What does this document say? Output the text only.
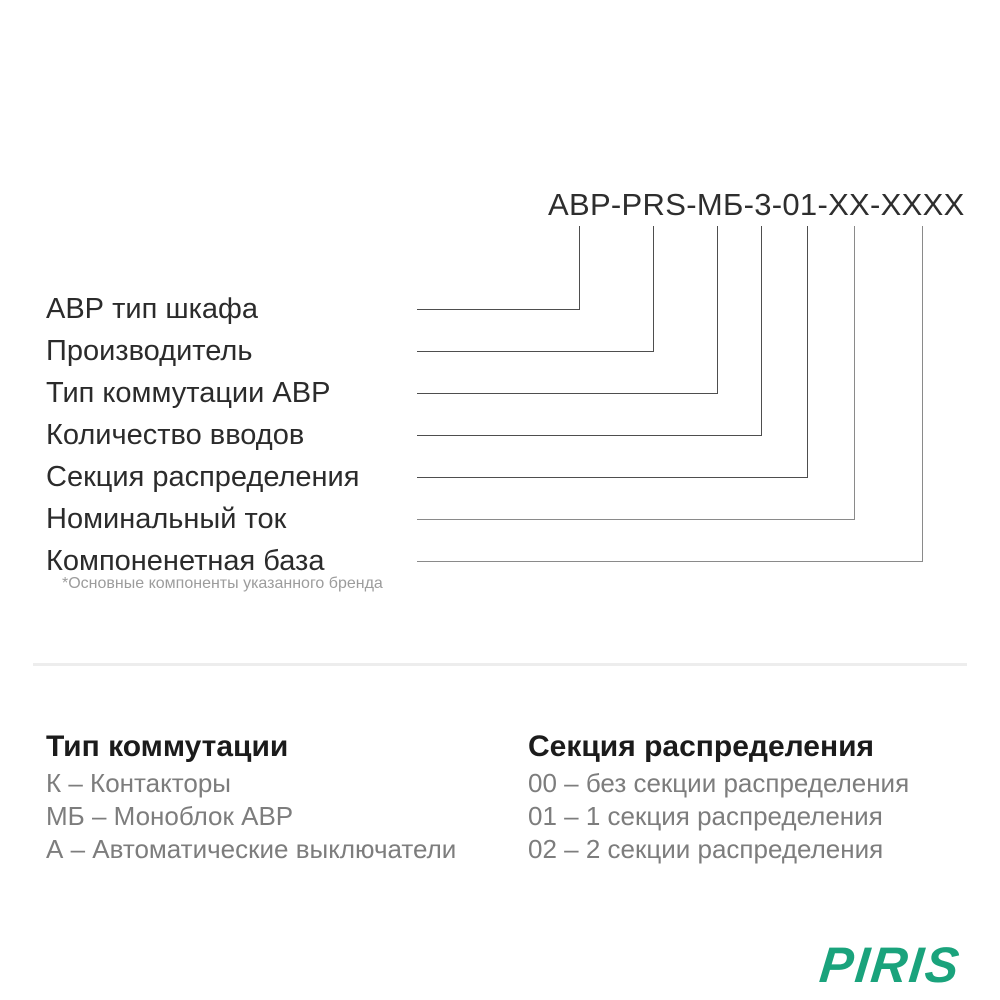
АВР-PRS-МБ-3-01-XX-XXXX
АВР тип шкафа
Производитель
Тип коммутации АВР
Количество вводов
Секция распределения
Номинальный ток
Компоненетная база
*Основные компоненты указанного бренда
Тип коммутации
К – Контакторы
МБ – Моноблок АВР
А – Автоматические выключатели
Секция распределения
00 – без секции распределения
01 – 1 секция распределения
02 – 2 секции распределения
PIRIS
